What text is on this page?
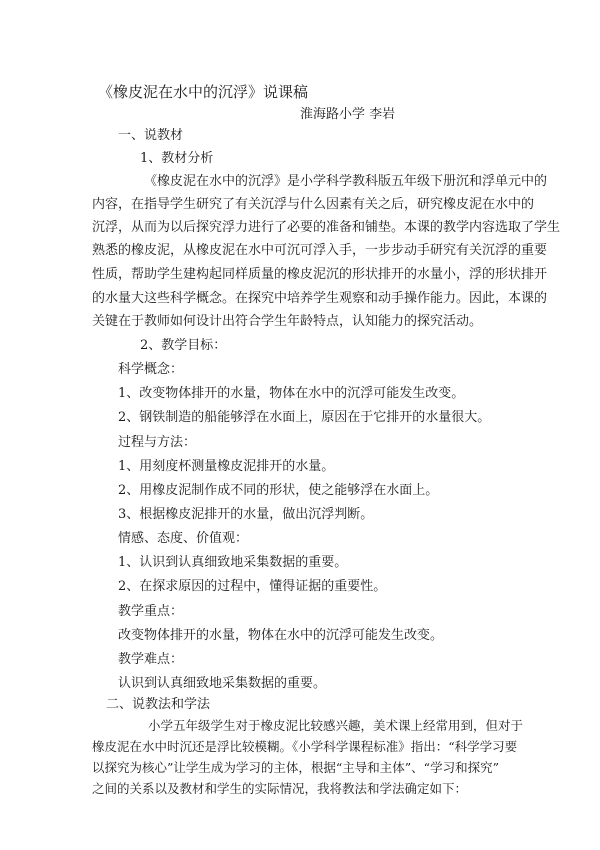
《橡皮泥在水中的沉浮》说课稿
淮海路小学 李岩
一、说教材
1、教材分析
《橡皮泥在水中的沉浮》是小学科学教科版五年级下册沉和浮单元中的
内容，在指导学生研究了有关沉浮与什么因素有关之后，研究橡皮泥在水中的
沉浮，从而为以后探究浮力进行了必要的准备和铺垫。本课的教学内容选取了学生
熟悉的橡皮泥，从橡皮泥在水中可沉可浮入手，一步步动手研究有关沉浮的重要
性质，帮助学生建构起同样质量的橡皮泥沉的形状排开的水量小，浮的形状排开
的水量大这些科学概念。在探究中培养学生观察和动手操作能力。因此，本课的
关键在于教师如何设计出符合学生年龄特点，认知能力的探究活动。
2、教学目标：
科学概念：
1、改变物体排开的水量，物体在水中的沉浮可能发生改变。
2、钢铁制造的船能够浮在水面上，原因在于它排开的水量很大。
过程与方法：
1、用刻度杯测量橡皮泥排开的水量。
2、用橡皮泥制作成不同的形状，使之能够浮在水面上。
3、根据橡皮泥排开的水量，做出沉浮判断。
情感、态度、价值观：
1、认识到认真细致地采集数据的重要。
2、在探求原因的过程中，懂得证据的重要性。
教学重点：
改变物体排开的水量，物体在水中的沉浮可能发生改变。
教学难点：
认识到认真细致地采集数据的重要。
二、说教法和学法
小学五年级学生对于橡皮泥比较感兴趣，美术课上经常用到，但对于
橡皮泥在水中时沉还是浮比较模糊。《小学科学课程标准》指出：“科学学习要
以探究为核心”让学生成为学习的主体，根据“主导和主体”、“学习和探究”
之间的关系以及教材和学生的实际情况，我将教法和学法确定如下：
